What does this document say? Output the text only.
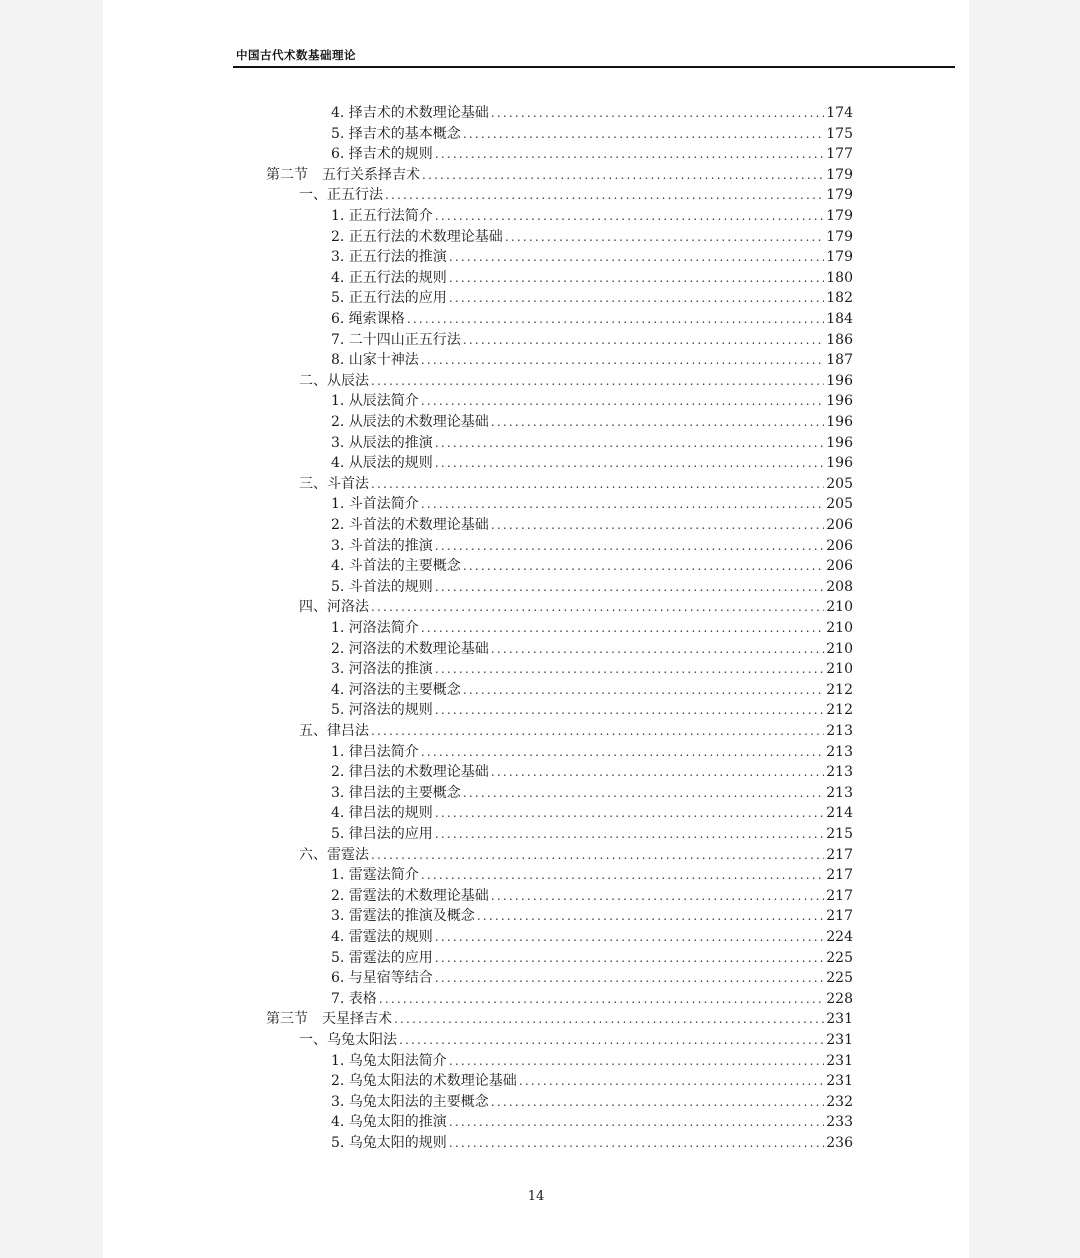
中国古代术数基础理论
4. 择吉术的术数理论基础 .....	174
5. 择吉术的基本概念 .....	175
6. 择吉术的规则 .....	177
第二节 五行关系择吉术 .....	179
一、正五行法 .....	179
1. 正五行法简介 .....	179
2. 正五行法的术数理论基础 .....	179
3. 正五行法的推演 .....	179
4. 正五行法的规则 .....	180
5. 正五行法的应用 .....	182
6. 绳索课格 .....	184
7. 二十四山正五行法 .....	186
8. 山家十神法 .....	187
二、从辰法 .....	196
1. 从辰法简介 .....	196
2. 从辰法的术数理论基础 .....	196
3. 从辰法的推演 .....	196
4. 从辰法的规则 .....	196
三、斗首法 .....	205
1. 斗首法简介 .....	205
2. 斗首法的术数理论基础 .....	206
3. 斗首法的推演 .....	206
4. 斗首法的主要概念 .....	206
5. 斗首法的规则 .....	208
四、河洛法 .....	210
1. 河洛法简介 .....	210
2. 河洛法的术数理论基础 .....	210
3. 河洛法的推演 .....	210
4. 河洛法的主要概念 .....	212
5. 河洛法的规则 .....	212
五、律吕法 .....	213
1. 律吕法简介 .....	213
2. 律吕法的术数理论基础 .....	213
3. 律吕法的主要概念 .....	213
4. 律吕法的规则 .....	214
5. 律吕法的应用 .....	215
六、雷霆法 .....	217
1. 雷霆法简介 .....	217
2. 雷霆法的术数理论基础 .....	217
3. 雷霆法的推演及概念 .....	217
4. 雷霆法的规则 .....	224
5. 雷霆法的应用 .....	225
6. 与星宿等结合 .....	225
7. 表格 .....	228
第三节 天星择吉术 .....	231
一、乌兔太阳法 .....	231
1. 乌兔太阳法简介 .....	231
2. 乌兔太阳法的术数理论基础 .....	231
3. 乌兔太阳法的主要概念 .....	232
4. 乌兔太阳的推演 .....	233
5. 乌兔太阳的规则 .....	236
14
